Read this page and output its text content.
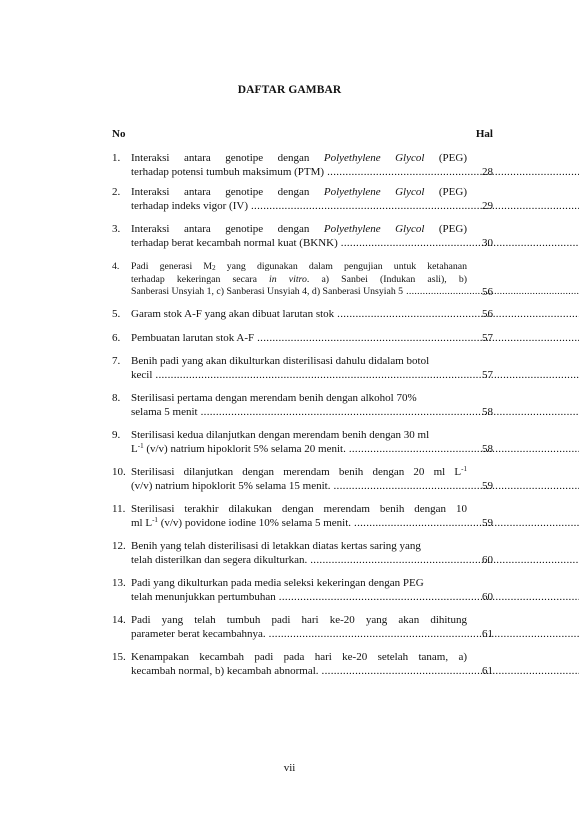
DAFTAR GAMBAR
No	Hal
1. Interaksi antara genotipe dengan Polyethylene Glycol (PEG)
terhadap potensi tumbuh maksimum (PTM) .....	28
2. Interaksi antara genotipe dengan Polyethylene Glycol (PEG)
terhadap indeks vigor (IV) .....	29
3. Interaksi antara genotipe dengan Polyethylene Glycol (PEG)
terhadap berat kecambah normal kuat (BKNK) .....	30
4. Padi generasi $M_2$ yang digunakan dalam pengujian untuk ketahanan
terhadap kekeringan secara in vitro. a) Sanbei (Indukan asli), b)
Sanberasi Unsyiah 1, c) Sanberasi Unsyiah 4, d) Sanberasi Unsyiah 5 .....	56
5. Garam stok A-F yang akan dibuat larutan stok .....	56
6. Pembuatan larutan stok A-F .....	57
7. Benih padi yang akan dikulturkan disterilisasi dahulu didalam botol
kecil .....	57
8. Sterilisasi pertama dengan merendam benih dengan alkohol 70%
selama 5 menit .....	58
9. Sterilisasi kedua dilanjutkan dengan merendam benih dengan 30 ml
$L^{-1}$ (v/v) natrium hipoklorit 5% selama 20 menit. .....	58
10. Sterilisasi dilanjutkan dengan merendam benih dengan 20 ml $L^{-1}$
(v/v) natrium hipoklorit 5% selama 15 menit. .....	59
11. Sterilisasi terakhir dilakukan dengan merendam benih dengan 10
ml $L^{-1}$ (v/v) povidone iodine 10% selama 5 menit. .....	59
12. Benih yang telah disterilisasi di letakkan diatas kertas saring yang
telah disterilkan dan segera dikulturkan. .....	60
13. Padi yang dikulturkan pada media seleksi kekeringan dengan PEG
telah menunjukkan pertumbuhan .....	60
14. Padi yang telah tumbuh padi hari ke-20 yang akan dihitung
parameter berat kecambahnya. .....	61
15. Kenampakan kecambah padi pada hari ke-20 setelah tanam, a)
kecambah normal, b) kecambah abnormal. .....	61
vii
